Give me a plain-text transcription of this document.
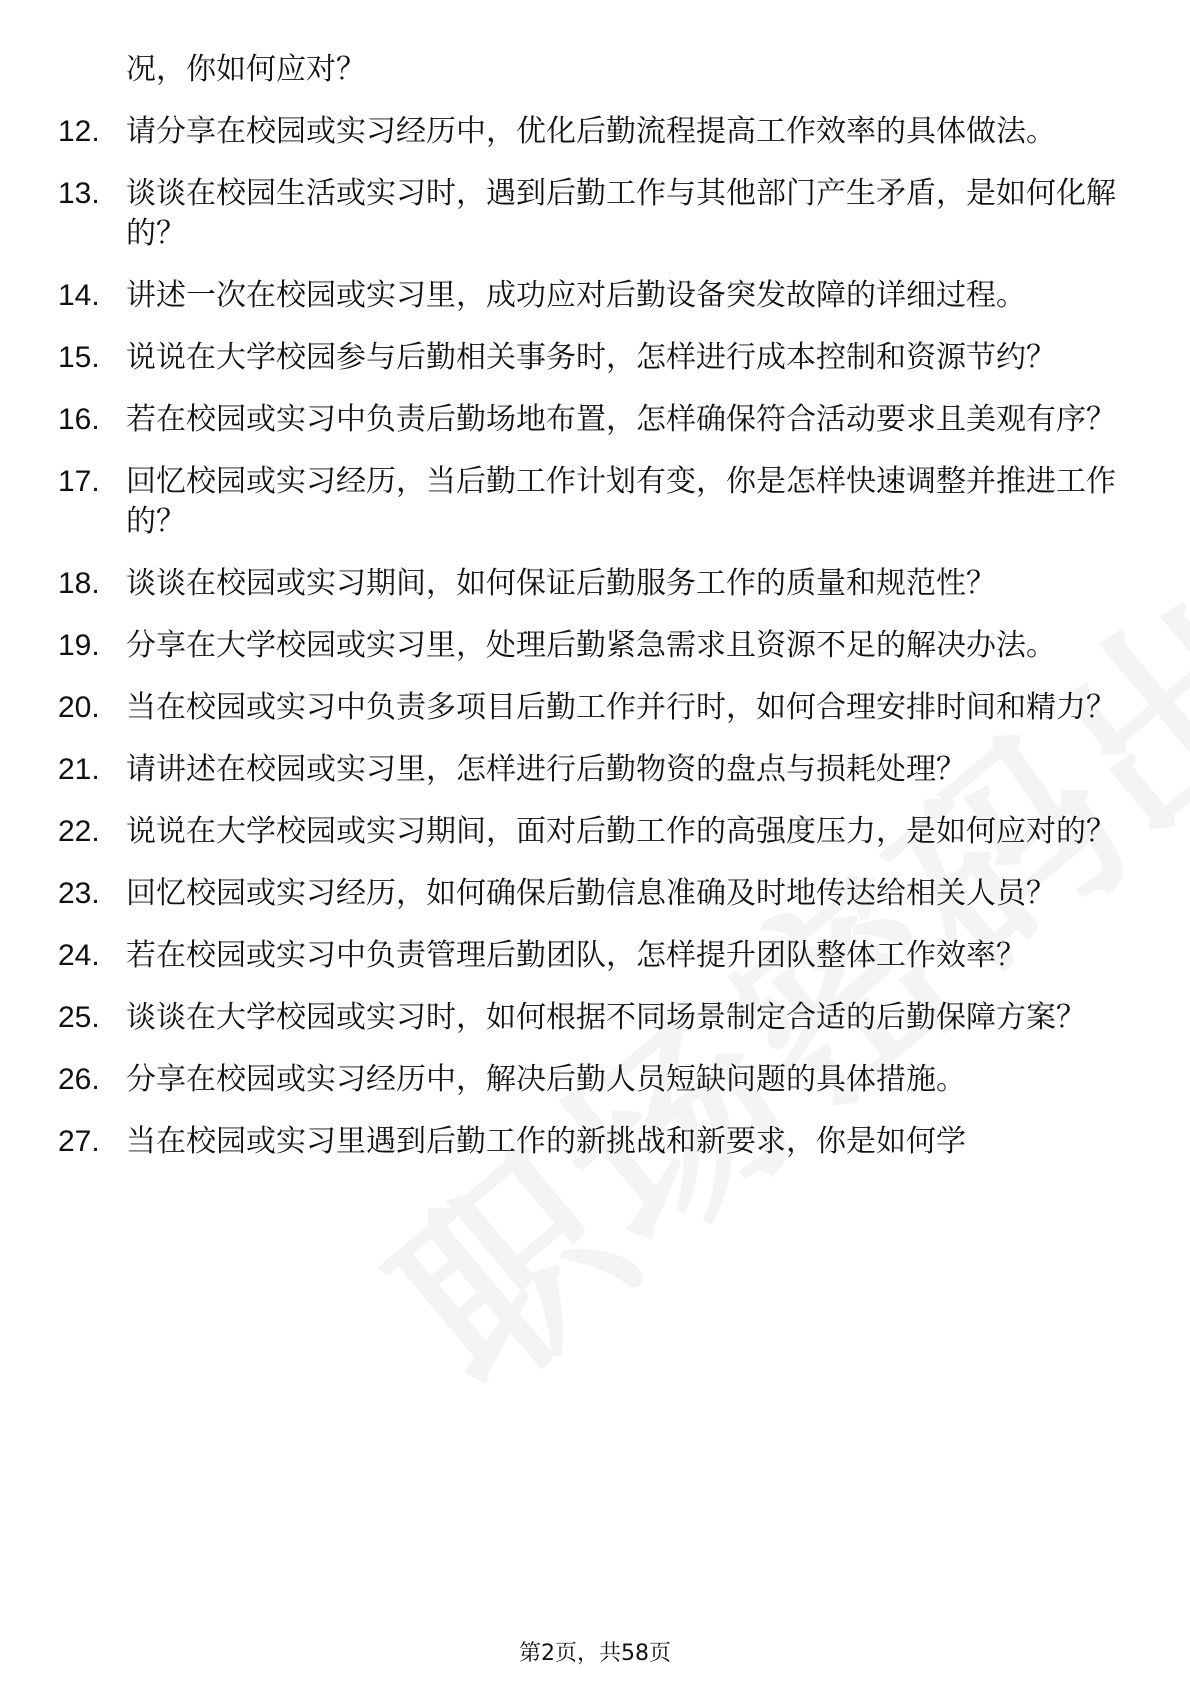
况，你如何应对？
12. 请分享在校园或实习经历中，优化后勤流程提高工作效率的具体做法。
13. 谈谈在校园生活或实习时，遇到后勤工作与其他部门产生矛盾，是如何化解的？
14. 讲述一次在校园或实习里，成功应对后勤设备突发故障的详细过程。
15. 说说在大学校园参与后勤相关事务时，怎样进行成本控制和资源节约？
16. 若在校园或实习中负责后勤场地布置，怎样确保符合活动要求且美观有序？
17. 回忆校园或实习经历，当后勤工作计划有变，你是怎样快速调整并推进工作的？
18. 谈谈在校园或实习期间，如何保证后勤服务工作的质量和规范性？
19. 分享在大学校园或实习里，处理后勤紧急需求且资源不足的解决办法。
20. 当在校园或实习中负责多项目后勤工作并行时，如何合理安排时间和精力？
21. 请讲述在校园或实习里，怎样进行后勤物资的盘点与损耗处理？
22. 说说在大学校园或实习期间，面对后勤工作的高强度压力，是如何应对的？
23. 回忆校园或实习经历，如何确保后勤信息准确及时地传达给相关人员？
24. 若在校园或实习中负责管理后勤团队，怎样提升团队整体工作效率？
25. 谈谈在大学校园或实习时，如何根据不同场景制定合适的后勤保障方案？
26. 分享在校园或实习经历中，解决后勤人员短缺问题的具体措施。
27. 当在校园或实习里遇到后勤工作的新挑战和新要求，你是如何学
第2页，共58页
